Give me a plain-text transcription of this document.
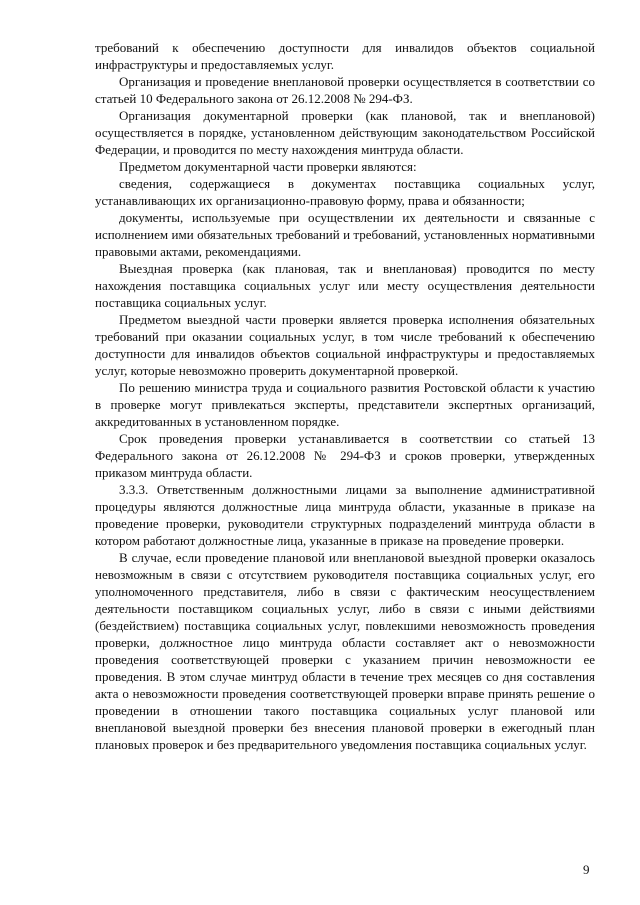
требований к обеспечению доступности для инвалидов объектов социальной инфраструктуры и предоставляемых услуг.

Организация и проведение внеплановой проверки осуществляется в соответствии со статьей 10 Федерального закона от 26.12.2008 № 294-ФЗ.

Организация документарной проверки (как плановой, так и внеплановой) осуществляется в порядке, установленном действующим законодательством Российской Федерации, и проводится по месту нахождения минтруда области.

Предметом документарной части проверки являются:

сведения, содержащиеся в документах поставщика социальных услуг, устанавливающих их организационно-правовую форму, права и обязанности;

документы, используемые при осуществлении их деятельности и связанные с исполнением ими обязательных требований и требований, установленных нормативными правовыми актами, рекомендациями.

Выездная проверка (как плановая, так и внеплановая) проводится по месту нахождения поставщика социальных услуг или месту осуществления деятельности поставщика социальных услуг.

Предметом выездной части проверки является проверка исполнения обязательных требований при оказании социальных услуг, в том числе требований к обеспечению доступности для инвалидов объектов социальной инфраструктуры и предоставляемых услуг, которые невозможно проверить документарной проверкой.

По решению министра труда и социального развития Ростовской области к участию в проверке могут привлекаться эксперты, представители экспертных организаций, аккредитованных в установленном порядке.

Срок проведения проверки устанавливается в соответствии со статьей 13 Федерального закона от 26.12.2008 № 294-ФЗ и сроков проверки, утвержденных приказом минтруда области.

3.3.3. Ответственным должностными лицами за выполнение административной процедуры являются должностные лица минтруда области, указанные в приказе на проведение проверки, руководители структурных подразделений минтруда области в котором работают должностные лица, указанные в приказе на проведение проверки.

В случае, если проведение плановой или внеплановой выездной проверки оказалось невозможным в связи с отсутствием руководителя поставщика социальных услуг, его уполномоченного представителя, либо в связи с фактическим неосуществлением деятельности поставщиком социальных услуг, либо в связи с иными действиями (бездействием) поставщика социальных услуг, повлекшими невозможность проведения проверки, должностное лицо минтруда области составляет акт о невозможности проведения соответствующей проверки с указанием причин невозможности ее проведения. В этом случае минтруд области в течение трех месяцев со дня составления акта о невозможности проведения соответствующей проверки вправе принять решение о проведении в отношении такого поставщика социальных услуг плановой или внеплановой выездной проверки без внесения плановой проверки в ежегодный план плановых проверок и без предварительного уведомления поставщика социальных услуг.

9
